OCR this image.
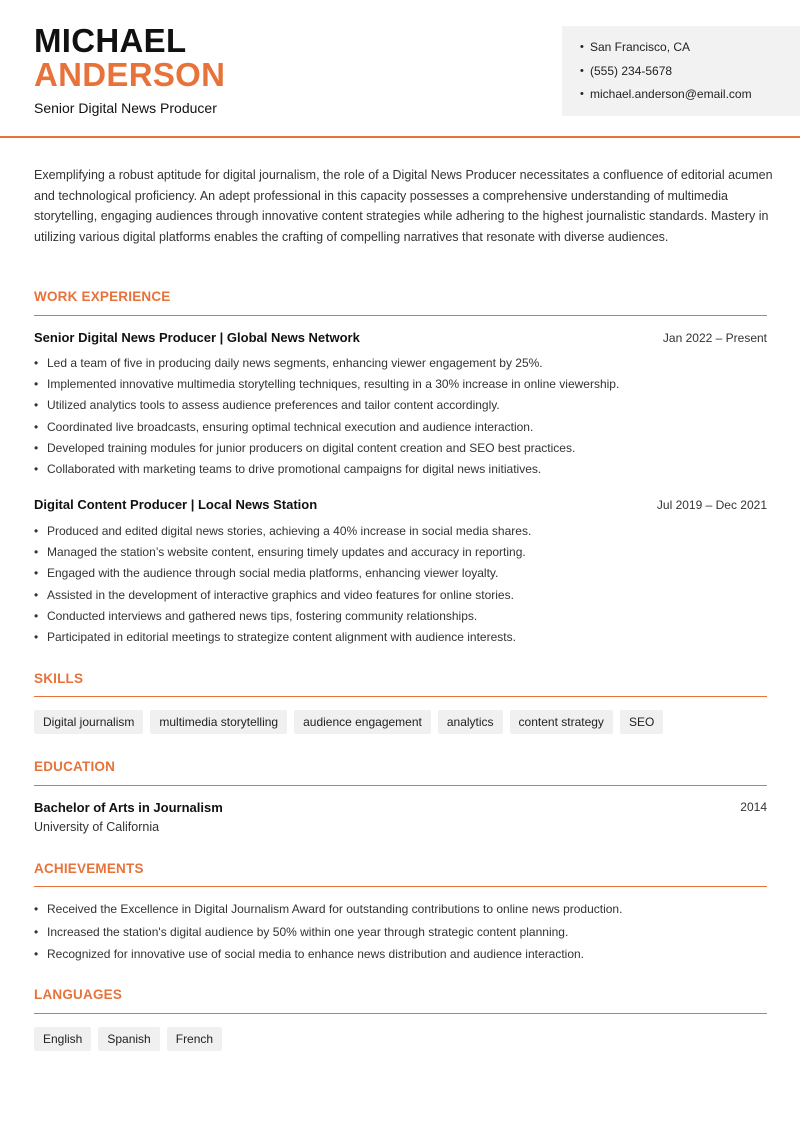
MICHAEL
ANDERSON
Senior Digital News Producer
• San Francisco, CA
• (555) 234-5678
• michael.anderson@email.com
Exemplifying a robust aptitude for digital journalism, the role of a Digital News Producer necessitates a confluence of editorial acumen and technological proficiency. An adept professional in this capacity possesses a comprehensive understanding of multimedia storytelling, engaging audiences through innovative content strategies while adhering to the highest journalistic standards. Mastery in utilizing various digital platforms enables the crafting of compelling narratives that resonate with diverse audiences.
WORK EXPERIENCE
Senior Digital News Producer | Global News Network	Jan 2022 – Present
• Led a team of five in producing daily news segments, enhancing viewer engagement by 25%.
• Implemented innovative multimedia storytelling techniques, resulting in a 30% increase in online viewership.
• Utilized analytics tools to assess audience preferences and tailor content accordingly.
• Coordinated live broadcasts, ensuring optimal technical execution and audience interaction.
• Developed training modules for junior producers on digital content creation and SEO best practices.
• Collaborated with marketing teams to drive promotional campaigns for digital news initiatives.
Digital Content Producer | Local News Station	Jul 2019 – Dec 2021
• Produced and edited digital news stories, achieving a 40% increase in social media shares.
• Managed the station’s website content, ensuring timely updates and accuracy in reporting.
• Engaged with the audience through social media platforms, enhancing viewer loyalty.
• Assisted in the development of interactive graphics and video features for online stories.
• Conducted interviews and gathered news tips, fostering community relationships.
• Participated in editorial meetings to strategize content alignment with audience interests.
SKILLS
Digital journalism	multimedia storytelling	audience engagement	analytics	content strategy	SEO
EDUCATION
Bachelor of Arts in Journalism	2014
University of California
ACHIEVEMENTS
• Received the Excellence in Digital Journalism Award for outstanding contributions to online news production.
• Increased the station's digital audience by 50% within one year through strategic content planning.
• Recognized for innovative use of social media to enhance news distribution and audience interaction.
LANGUAGES
English	Spanish	French
